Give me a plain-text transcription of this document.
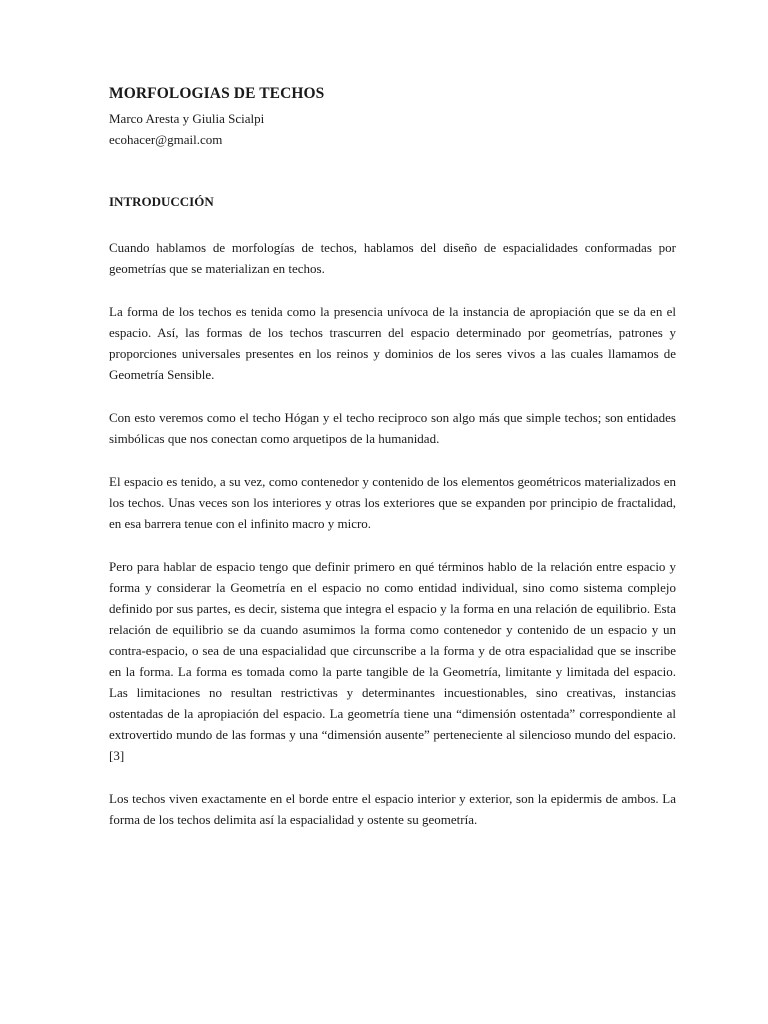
MORFOLOGIAS DE TECHOS

Marco Aresta y Giulia Scialpi

ecohacer@gmail.com

INTRODUCCIÓN

Cuando hablamos de morfologías de techos, hablamos del diseño de espacialidades conformadas por geometrías que se materializan en techos.

La forma de los techos es tenida como la presencia unívoca de la instancia de apropiación que se da en el espacio. Así, las formas de los techos trascurren del espacio determinado por geometrías, patrones y proporciones universales presentes en los reinos y dominios de los seres vivos a las cuales llamamos de Geometría Sensible.

Con esto veremos como el techo Hógan y el techo reciproco son algo más que simple techos; son entidades simbólicas que nos conectan como arquetipos de la humanidad.

El espacio es tenido, a su vez, como contenedor y contenido de los elementos geométricos materializados en los techos. Unas veces son los interiores y otras los exteriores que se expanden por principio de fractalidad, en esa barrera tenue con el infinito macro y micro.

Pero para hablar de espacio tengo que definir primero en qué términos hablo de la relación entre espacio y forma y considerar la Geometría en el espacio no como entidad individual, sino como sistema complejo definido por sus partes, es decir, sistema que integra el espacio y la forma en una relación de equilibrio. Esta relación de equilibrio se da cuando asumimos la forma como contenedor y contenido de un espacio y un contra-espacio, o sea de una espacialidad que circunscribe a la forma y de otra espacialidad que se inscribe en la forma. La forma es tomada como la parte tangible de la Geometría, limitante y limitada del espacio. Las limitaciones no resultan restrictivas y determinantes incuestionables, sino creativas, instancias ostentadas de la apropiación del espacio. La geometría tiene una “dimensión ostentada” correspondiente al extrovertido mundo de las formas y una “dimensión ausente” perteneciente al silencioso mundo del espacio. [3]

Los techos viven exactamente en el borde entre el espacio interior y exterior, son la epidermis de ambos. La forma de los techos delimita así la espacialidad y ostente su geometría.
